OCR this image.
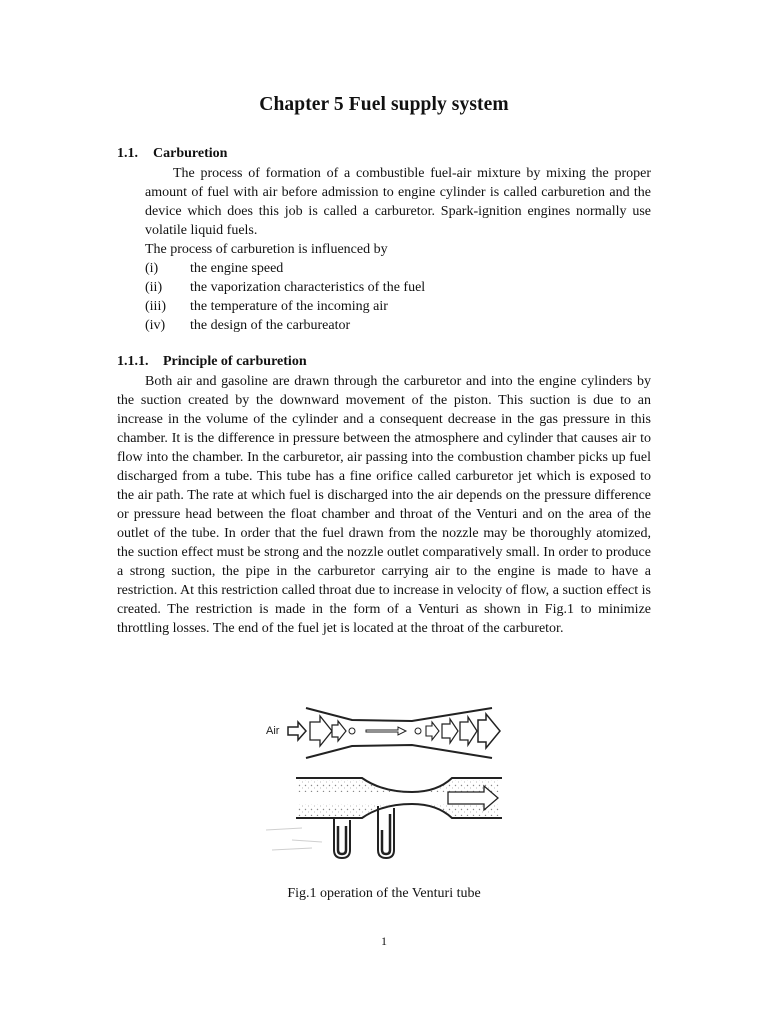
Chapter 5 Fuel supply system
1.1. Carburetion
The process of formation of a combustible fuel-air mixture by mixing the proper amount of fuel with air before admission to engine cylinder is called carburetion and the device which does this job is called a carburetor. Spark-ignition engines normally use volatile liquid fuels.
The process of carburetion is influenced by
(i)	the engine speed
(ii)	the vaporization characteristics of the fuel
(iii)	the temperature of the incoming air
(iv)	the design of the carbureator
1.1.1. Principle of carburetion
Both air and gasoline are drawn through the carburetor and into the engine cylinders by the suction created by the downward movement of the piston. This suction is due to an increase in the volume of the cylinder and a consequent decrease in the gas pressure in this chamber. It is the difference in pressure between the atmosphere and cylinder that causes air to flow into the chamber. In the carburetor, air passing into the combustion chamber picks up fuel discharged from a tube. This tube has a fine orifice called carburetor jet which is exposed to the air path. The rate at which fuel is discharged into the air depends on the pressure difference or pressure head between the float chamber and throat of the Venturi and on the area of the outlet of the tube. In order that the fuel drawn from the nozzle may be thoroughly atomized, the suction effect must be strong and the nozzle outlet comparatively small. In order to produce a strong suction, the pipe in the carburetor carrying air to the engine is made to have a restriction. At this restriction called throat due to increase in velocity of flow, a suction effect is created. The restriction is made in the form of a Venturi as shown in Fig.1 to minimize throttling losses. The end of the fuel jet is located at the throat of the carburetor.
Air
Fig.1 operation of the Venturi tube
1
